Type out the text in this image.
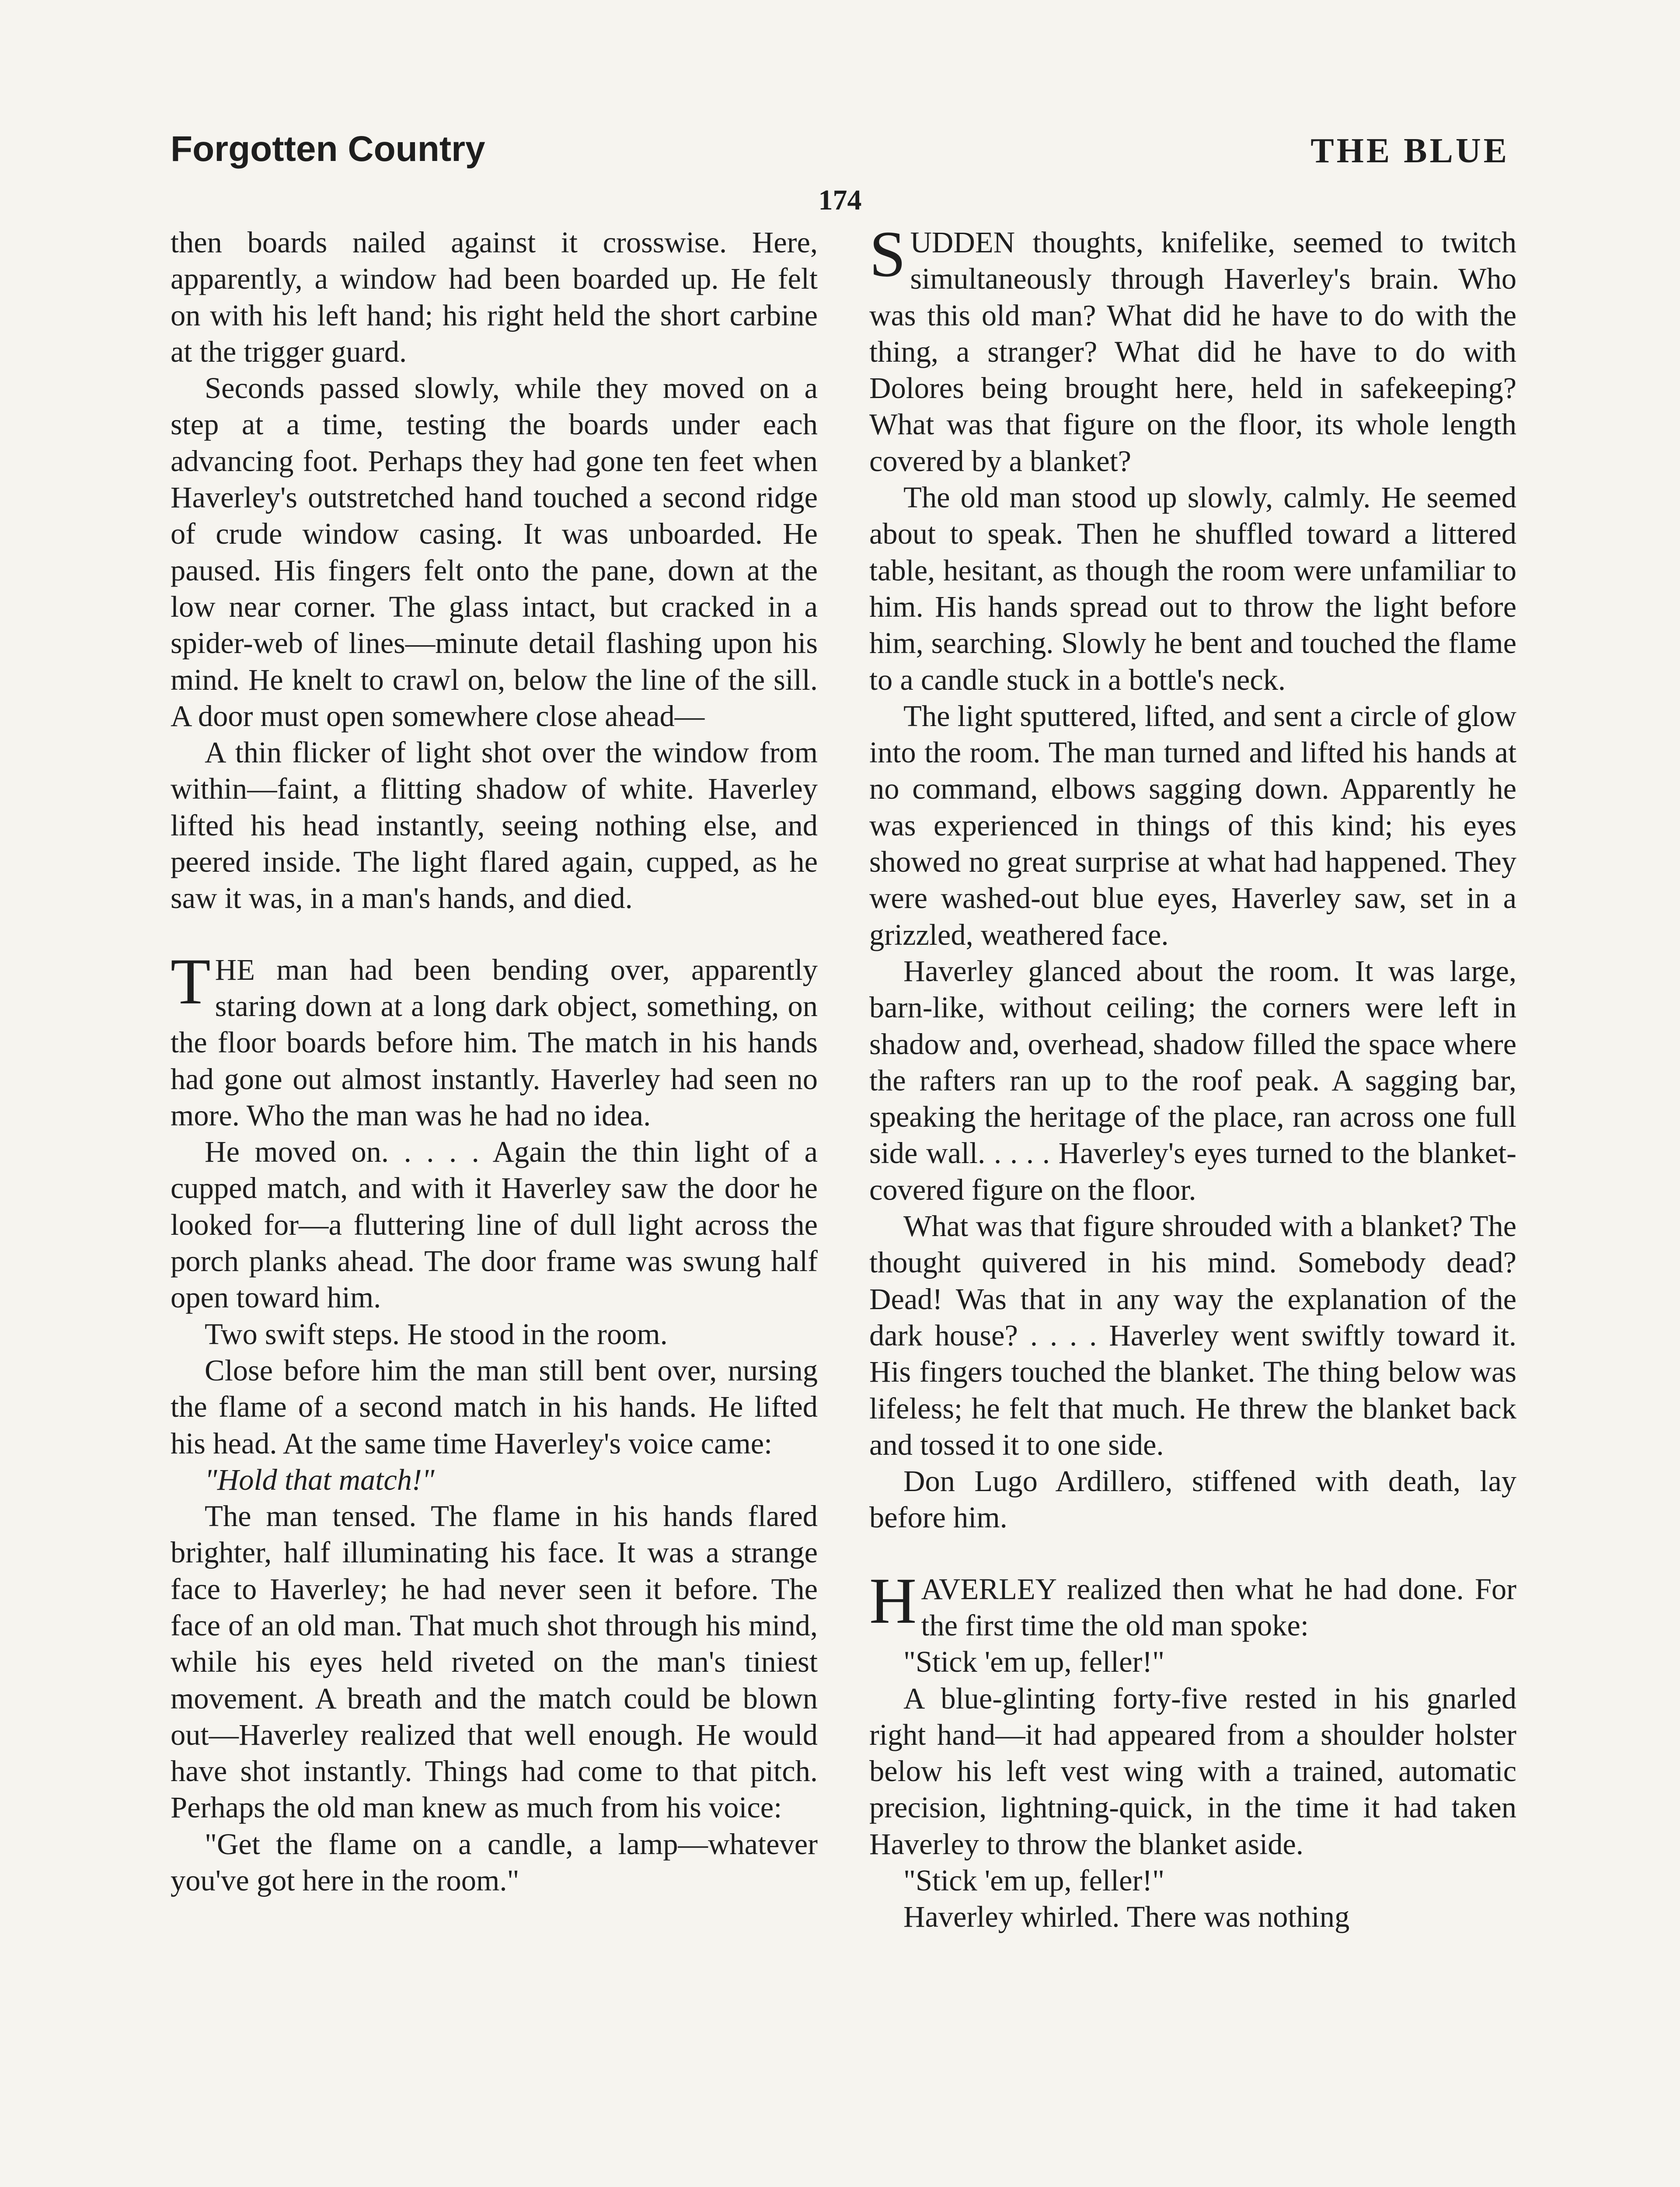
Forgotten Country	THE BLUE
174

then boards nailed against it crosswise. Here, apparently, a window had been boarded up. He felt on with his left hand; his right held the short carbine at the trigger guard.

Seconds passed slowly, while they moved on a step at a time, testing the boards under each advancing foot. Perhaps they had gone ten feet when Haverley's outstretched hand touched a second ridge of crude window casing. It was unboarded. He paused. His fingers felt onto the pane, down at the low near corner. The glass intact, but cracked in a spider-web of lines—minute detail flashing upon his mind. He knelt to crawl on, below the line of the sill. A door must open somewhere close ahead—

A thin flicker of light shot over the window from within—faint, a flitting shadow of white. Haverley lifted his head instantly, seeing nothing else, and peered inside. The light flared again, cupped, as he saw it was, in a man's hands, and died.

THE man had been bending over, apparently staring down at a long dark object, something, on the floor boards before him. The match in his hands had gone out almost instantly. Haverley had seen no more. Who the man was he had no idea.

He moved on. . . . . Again the thin light of a cupped match, and with it Haverley saw the door he looked for—a fluttering line of dull light across the porch planks ahead. The door frame was swung half open toward him.

Two swift steps. He stood in the room.

Close before him the man still bent over, nursing the flame of a second match in his hands. He lifted his head. At the same time Haverley's voice came:

"Hold that match!"

The man tensed. The flame in his hands flared brighter, half illuminating his face. It was a strange face to Haverley; he had never seen it before. The face of an old man. That much shot through his mind, while his eyes held riveted on the man's tiniest movement. A breath and the match could be blown out—Haverley realized that well enough. He would have shot instantly. Things had come to that pitch. Perhaps the old man knew as much from his voice:

"Get the flame on a candle, a lamp—whatever you've got here in the room."

SUDDEN thoughts, knifelike, seemed to twitch simultaneously through Haverley's brain. Who was this old man? What did he have to do with the thing, a stranger? What did he have to do with Dolores being brought here, held in safekeeping? What was that figure on the floor, its whole length covered by a blanket?

The old man stood up slowly, calmly. He seemed about to speak. Then he shuffled toward a littered table, hesitant, as though the room were unfamiliar to him. His hands spread out to throw the light before him, searching. Slowly he bent and touched the flame to a candle stuck in a bottle's neck.

The light sputtered, lifted, and sent a circle of glow into the room. The man turned and lifted his hands at no command, elbows sagging down. Apparently he was experienced in things of this kind; his eyes showed no great surprise at what had happened. They were washed-out blue eyes, Haverley saw, set in a grizzled, weathered face.

Haverley glanced about the room. It was large, barn-like, without ceiling; the corners were left in shadow and, overhead, shadow filled the space where the rafters ran up to the roof peak. A sagging bar, speaking the heritage of the place, ran across one full side wall. . . . . Haverley's eyes turned to the blanket-covered figure on the floor.

What was that figure shrouded with a blanket? The thought quivered in his mind. Somebody dead? Dead! Was that in any way the explanation of the dark house? . . . . Haverley went swiftly toward it. His fingers touched the blanket. The thing below was lifeless; he felt that much. He threw the blanket back and tossed it to one side.

Don Lugo Ardillero, stiffened with death, lay before him.

HAVERLEY realized then what he had done. For the first time the old man spoke:

"Stick 'em up, feller!"

A blue-glinting forty-five rested in his gnarled right hand—it had appeared from a shoulder holster below his left vest wing with a trained, automatic precision, lightning-quick, in the time it had taken Haverley to throw the blanket aside.

"Stick 'em up, feller!"

Haverley whirled. There was nothing
